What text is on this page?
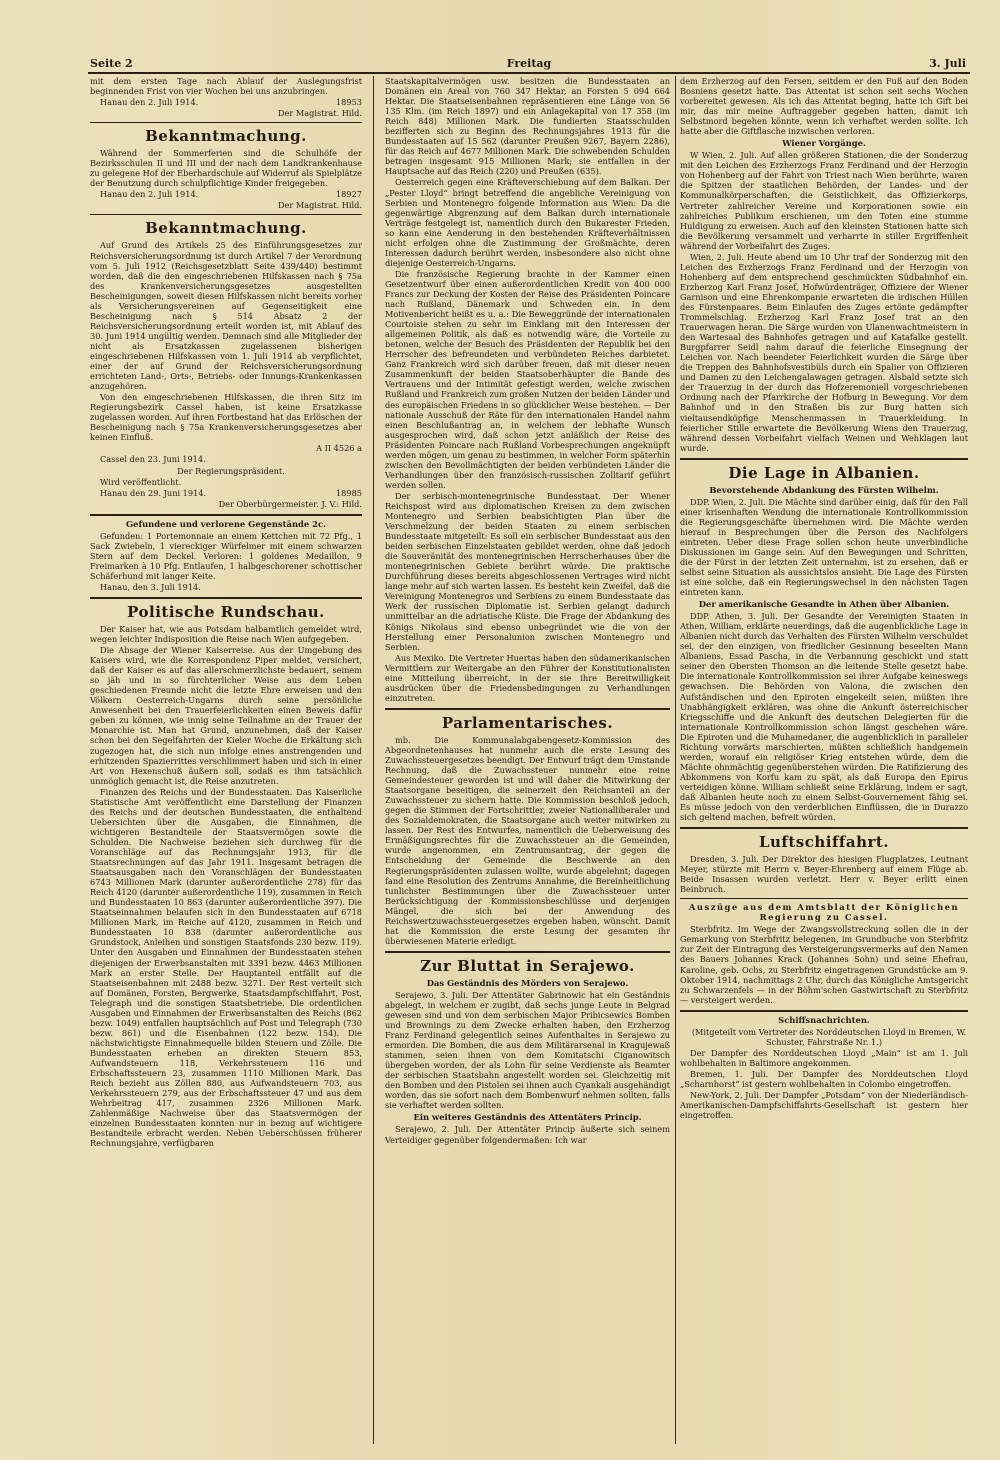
Seite 2	Freitag	3. Juli

mit dem ersten Tage nach Ablauf der Auslegungsfrist beginnenden Frist von vier Wochen bei uns anzubringen.

Hanau den 2. Juli 1914.	18953

Der Magistrat. Hild.

Bekanntmachung.

Während der Sommerferien sind die Schulhöfe der Bezirksschulen II und III und der nach dem Landkrankenhause zu gelegene Hof der Eberhardschule auf Widerruf als Spielplätze der Benutzung durch schulpflichtige Kinder freigegeben.

Hanau den 2. Juli 1914.	18927

Der Magistrat. Hild.

Bekanntmachung.

Auf Grund des Artikels 25 des Einführungsgesetzes zur Reichsversicherungsordnung ist durch Artikel 7 der Verordnung vom 5. Juli 1912 (Reichsgesetzblatt Seite 439/440) bestimmt worden, daß die den eingeschriebenen Hilfskassen nach § 75a des Krankenversicherungsgesetzes ausgestellten Bescheinigungen, soweit diesen Hilfskassen nicht bereits vorher als Versicherungsvereinen auf Gegenseitigkeit eine Bescheinigung nach § 514 Absatz 2 der Reichsversicherungsordnung erteilt worden ist, mit Ablauf des 30. Juni 1914 ungültig werden. Demnach sind alle Mitglieder der nicht als Ersatzkassen zugelassenen bisherigen eingeschriebenen Hilfskassen vom 1. Juli 1914 ab verpflichtet, einer der auf Grund der Reichsversicherungsordnung errichteten Land-, Orts-, Betriebs- oder Innungs-Krankenkassen anzugehören.

Von den eingeschriebenen Hilfskassen, die ihren Sitz im Regierungsbezirk Cassel haben, ist keine Ersatzkasse zugelassen worden. Auf ihren Fortbestand hat das Erlöschen der Bescheinigung nach § 75a Krankenversicherungsgesetzes aber keinen Einfluß.

A II 4526 a

Cassel den 23. Juni 1914.

Der Regierungspräsident.

Wird veröffentlicht.

Hanau den 29. Juni 1914.	18985

Der Oberbürgermeister. J. V.: Hild.

Gefundene und verlorene Gegenstände 2c.

Gefunden: 1 Portemonnaie an einem Kettchen mit 72 Pfg., 1 Sack Zwiebeln, 1 viereckiger Würfelmer mit einem schwarzen Stern auf dem Deckel. Verloren: 1 goldenes Medaillon, 9 Freimarken à 10 Pfg. Entlaufen, 1 halbgeschorener schottischer Schäferhund mit langer Keite.

Hanau, den 3. Juli 1914.

Politische Rundschau.

Der Kaiser hat, wie aus Potsdam halbamtlich gemeldet wird, wegen leichter Indisposition die Reise nach Wien aufgegeben.

Die Absage der Wiener Kaiserreise. Aus der Umgebung des Kaisers wird, wie die Korrespondenz Piper meldet, versichert, daß der Kaiser es auf das allerschmerzlichste bedauert, seinem so jäh und in so fürchterlicher Weise aus dem Leben geschiedenen Freunde nicht die letzte Ehre erweisen und den Völkern Oesterreich-Ungarns durch seine persönliche Anwesenheit bei den Trauerfeierlichkeiten einen Beweis dafür geben zu können, wie innig seine Teilnahme an der Trauer der Monarchie ist. Man hat Grund, anzunehmen, daß der Kaiser schon bei den Segelfahrten der Kieler Woche die Erkältung sich zugezogen hat, die sich nun infolge eines anstrengenden und erhitzenden Spazierrittes verschlimmert haben und sich in einer Art von Hexenschuß äußern soll, sodaß es ihm tatsächlich unmöglich gemacht ist, die Reise anzutreten.

Finanzen des Reichs und der Bundesstaaten. Das Kaiserliche Statistische Amt veröffentlicht eine Darstellung der Finanzen des Reichs und der deutschen Bundesstaaten, die enthaltend Uebersichten über die Ausgaben, die Einnahmen, die wichtigeren Bestandteile der Staatsvermögen sowie die Schulden. Die Nachweise beziehen sich durchweg für die Voranschläge auf das Rechnungsjahr 1913, für die Staatsrechnungen auf das Jahr 1911. Insgesamt betragen die Staatsausgaben nach den Voranschlägen der Bundesstaaten 6743 Millionen Mark (darunter außerordentliche 278) für das Reich 4120 (darunter außerordentliche 119), zusammen in Reich und Bundesstaaten 10 863 (darunter außerordentliche 397). Die Staatseinnahmen belaufen sich in den Bundesstaaten auf 6718 Millionen Mark, im Reiche auf 4120, zusammen in Reich und Bundesstaaten 10 838 (darunter außerordentliche aus Grundstock, Anleihen und sonstigen Staatsfonds 230 bezw. 119). Unter den Ausgaben und Einnahmen der Bundesstaaten stehen diejenigen der Erwerbsanstalten mit 3391 bezw. 4463 Millionen Mark an erster Stelle. Der Hauptanteil entfällt auf die Staatseisenbahnen mit 2488 bezw. 3271. Der Rest verteilt sich auf Domänen, Forsten, Bergwerke, Staatsdampfschiffahrt, Post, Telegraph und die sonstigen Staatsbetriebe. Die ordentlichen Ausgaben und Einnahmen der Erwerbsanstalten des Reichs (862 bezw. 1049) entfallen hauptsächlich auf Post und Telegraph (730 bezw. 861) und die Eisenbahnen (122 bezw. 154). Die nächstwichtigste Einnahmequelle bilden Steuern und Zölle. Die Bundesstaaten erheben an direkten Steuern 853, Aufwandsteuern 118, Verkehrssteuern 116 und Erbschaftssteuern 23, zusammen 1110 Millionen Mark. Das Reich bezieht aus Zöllen 880, aus Aufwandsteuern 703, aus Verkehrssteuern 279, aus der Erbschaftssteuer 47 und aus dem Wehrbeitrag 417, zusammen 2326 Millionen Mark. Zahlenmäßige Nachweise über das Staatsvermögen der einzelnen Bundesstaaten konnten nur in bezug auf wichtigere Bestandteile erbracht werden. Neben Ueberschüssen früherer Rechnungsjahre, verfügbaren

Staatskapitalvermögen usw. besitzen die Bundesstaaten an Domänen ein Areal von 760 347 Hektar, an Forsten 5 094 664 Hektar. Die Staatseisenbahnen repräsentieren eine Länge von 56 135 Klm. (im Reich 1897) und ein Anlagekapital von 17 358 (im Reich 848) Millionen Mark. Die fundierten Staatsschulden bezifferten sich zu Beginn des Rechnungsjahres 1913 für die Bundesstaaten auf 15 562 (darunter Preußen 9267, Bayern 2286), für das Reich auf 4677 Millionen Mark. Die schwebenden Schulden betragen insgesamt 915 Millionen Mark; sie entfallen in der Hauptsache auf das Reich (220) und Preußen (635).

Oesterreich gegen eine Kräfteverschiebung auf dem Balkan. Der „Pester Lloyd“ bringt betreffend die angebliche Vereinigung von Serbien und Montenegro folgende Information aus Wien: Da die gegenwärtige Abgrenzung auf dem Balkan durch internationale Verträge festgelegt ist, namentlich durch den Bukarester Frieden, so kann eine Aenderung in den bestehenden Kräfteverhältnissen nicht erfolgen ohne die Zustimmung der Großmächte, deren Interessen dadurch berührt werden, insbesondere also nicht ohne diejenige Oesterreich-Ungarns.

Die französische Regierung brachte in der Kammer einen Gesetzentwurf über einen außerordentlichen Kredit von 400 000 Francs zur Deckung der Kosten der Reise des Präsidenten Poincare nach Rußland, Dänemark und Schweden ein. In dem Motivenbericht heißt es u. a.: Die Beweggründe der internationalen Courtoisie stehen zu sehr im Einklang mit den Interessen der allgemeinen Politik, als daß es notwendig wäre, die Vorteile zu betonen, welche der Besuch des Präsidenten der Republik bei den Herrscher des befreundeten und verbündeten Reiches darbietet. Ganz Frankreich wird sich darüber freuen, daß mit dieser neuen Zusammenkunft der beiden Staatsoberhäupter die Bande des Vertrauens und der Intimität gefestigt werden, welche zwischen Rußland und Frankreich zum großen Nutzen der beiden Länder und des europäischen Friedens in so glücklicher Weise bestehen. — Der nationale Ausschuß der Räte für den internationalen Handel nahm einen Beschlußantrag an, in welchem der lebhafte Wunsch ausgesprochen wird, daß schon jetzt anläßlich der Reise des Präsidenten Poincare nach Rußland Vorbesprechungen angeknüpft werden mögen, um genau zu bestimmen, in welcher Form späterhin zwischen den Bevollmächtigten der beiden verbündeten Länder die Verhandlungen über den französisch-russischen Zolltarif geführt werden sollen.

Der serbisch-montenegrinische Bundesstaat. Der Wiener Reichspost wird aus diplomatischen Kreisen zu dem zwischen Montenegro und Serbien beabsichtigten Plan über die Verschmelzung der beiden Staaten zu einem serbischen Bundesstaate mitgeteilt: Es soll ein serbischer Bundesstaat aus den beiden serbischen Einzelstaaten gebildet werden, ohne daß jedoch die Souveränität des montenegrinischen Herrscherhauses über die montenegrinischen Gebiete berührt würde. Die praktische Durchführung dieses bereits abgeschlossenen Vertrages wird nicht lange mehr auf sich warten lassen. Es besteht kein Zweifel, daß die Vereinigung Montenegros und Serbiens zu einem Bundesstaate das Werk der russischen Diplomatie ist. Serbien gelangt dadurch unmittelbar an die adriatische Küste. Die Frage der Abdankung des Königs Nikolaus sind ebenso unbegründet wie die von der Herstellung einer Personalunion zwischen Montenegro und Serbien.

Aus Mexiko. Die Vertreter Huertas haben den südamerikanischen Vermittlern zur Weitergabe an den Führer der Konstitutionalisten eine Mitteilung überreicht, in der sie ihre Bereitwilligkeit ausdrücken über die Friedensbedingungen zu Verhandlungen einzutreten.

Parlamentarisches.

mb. Die Kommunalabgabengesetz-Kommission des Abgeordnetenhauses hat nunmehr auch die erste Lesung des Zuwachssteuergesetzes beendigt. Der Entwurf trägt dem Umstande Rechnung, daß die Zuwachssteuer nunmehr eine reine Gemeindesteuer geworden ist und will daher die Mitwirkung der Staatsorgane beseitigen, die seinerzeit den Reichsanteil an der Zuwachssteuer zu sichern hatte. Die Kommission beschloß jedoch, gegen die Stimmen der Fortschrittler, zweier Nationalliberaler und des Sozialdemokraten, die Staatsorgane auch weiter mitwirken zu lassen. Der Rest des Entwurfes, namentlich die Ueberweisung des Ermäßigungsrechtes für die Zuwachssteuer an die Gemeinden, wurde angenommen, ein Zentrumsantrag, der gegen die Entscheidung der Gemeinde die Beschwerde an den Regierungspräsidenten zulassen wollte, wurde abgelehnt; dagegen fand eine Resolution des Zentrums Annahme, die Bereinheitlichung tunlichster Bestimmungen über die Zuwachssteuer unter Berücksichtigung der Kommissionsbeschlüsse und derjenigen Mängel, die sich bei der Anwendung des Reichswertzuwachssteuergesetzes ergeben haben, wünscht. Damit hat die Kommission die erste Lesung der gesamten ihr überwiesenen Materie erledigt.

Zur Bluttat in Serajewo.
Das Geständnis des Mörders von Serajewo.

Serajewo, 3. Juli. Der Attentäter Gabrinowic hat ein Geständnis abgelegt, in welchem er zugibt, daß sechs junge Leute in Belgrad gewesen sind und von dem serbischen Major Pribicsewics Bomben und Brownings zu dem Zwecke erhalten haben, den Erzherzog Franz Ferdinand gelegentlich seines Aufenthaltes in Serajewo zu ermorden. Die Bomben, die aus dem Militärarsenal in Kragujewaß stammen, seien ihnen von dem Komitatschi Ciganowitsch übergeben worden, der als Lohn für seine Verdienste als Beamter der serbischen Staatsbahn angestellt worden sei. Gleichzeitig mit den Bomben und den Pistolen sei ihnen auch Cyankali ausgehändigt worden, das sie sofort nach dem Bombenwurf nehmen sollten, falls sie verhaftet werden sollten.

Ein weiteres Geständnis des Attentäters Princip.

Serajewo, 2. Juli. Der Attentäter Princip äußerte sich seinem Verteidiger gegenüber folgendermaßen: Ich war

dem Erzherzog auf den Fersen, seitdem er den Fuß auf den Boden Bosniens gesetzt hatte. Das Attentat ist schon seit sechs Wochen vorbereitet gewesen. Als ich das Attentat beging, hatte ich Gift bei mir, das mir meine Auftraggeber gegeben hatten, damit ich Selbstmord begehen könnte, wenn ich verhaftet werden sollte. Ich hatte aber die Giftflasche inzwischen verloren.

Wiener Vorgänge.

W Wien, 2. Juli. Auf allen größeren Stationen, die der Sonderzug mit den Leichen des Erzherzogs Franz Ferdinand und der Herzogin von Hohenberg auf der Fahrt von Triest nach Wien berührte, waren die Spitzen der staatlichen Behörden, der Landes- und der Kommunalkörperschaften, die Geistlichkeit, das Offizierkorps, Vertreter zahlreicher Vereine und Korporationen sowie ein zahlreiches Publikum erschienen, um den Toten eine stumme Huldigung zu erweisen. Auch auf den kleinsten Stationen hatte sich die Bevölkerung versammelt und verharrte in stiller Ergriffenheit während der Vorbeifahrt des Zuges.

Wien, 2. Juli. Heute abend um 10 Uhr traf der Sonderzug mit den Leichen des Erzherzogs Franz Ferdinand und der Herzogin von Hohenberg auf dem entsprechend geschmückten Südbahnhof ein. Erzherzog Karl Franz Josef, Hofwürdenträger, Offiziere der Wiener Garnison und eine Ehrenkompanie erwarteten die irdischen Hüllen des Fürstenpaares. Beim Einlaufen des Zuges ertönte gedämpfter Trommelschlag. Erzherzog Karl Franz Josef trat an den Trauerwagen heran. Die Särge wurden von Ulanenwachtmeistern in den Wartesaal des Bahnhofes getragen und auf Katafalke gestellt. Burgpfarrer Seidl nahm darauf die feierliche Einsegnung der Leichen vor. Nach beendeter Feierlichkeit wurden die Särge über die Treppen des Bahnhofsvestibüls durch ein Spalier von Offizieren und Damen zu den Leichengalawagen getragen. Alsbald setzte sich der Trauerzug in der durch das Hofzeremoniell vorgeschriebenen Ordnung nach der Pfarrkirche der Hofburg in Bewegung. Vor dem Bahnhof und in den Straßen bis zur Burg hatten sich vieltausendköpfige Menschenmassen in Trauerkleidung. In feierlicher Stille erwartete die Bevölkerung Wiens den Trauerzug, während dessen Vorbeifahrt vielfach Weinen und Wehklagen laut wurde.

Die Lage in Albanien.
Bevorstehende Abdankung des Fürsten Wilhelm.

DDP. Wien, 2. Juli. Die Mächte sind darüber einig, daß für den Fall einer krisenhaften Wendung die internationale Kontrollkommission die Regierungsgeschäfte übernehmen wird. Die Mächte werden hierauf in Besprechungen über die Person des Nachfolgers eintreten. Ueber diese Frage sollen schon heute unverbindliche Diskussionen im Gange sein. Auf den Bewegungen und Schritten, die der Fürst in der letzten Zeit unternahm, ist zu ersehen, daß er selbst seine Situation als aussichtslos ansieht. Die Lage des Fürsten ist eine solche, daß ein Regierungswechsel in den nächsten Tagen eintreten kann.

Der amerikanische Gesandte in Athen über Albanien.

DDP. Athen, 3. Juli. Der Gesandte der Vereinigten Staaten in Athen, William, erklärte neuerdings, daß die augenblickliche Lage in Albanien nicht durch das Verhalten des Fürsten Wilhelm verschuldet sei, der den einzigen, von friedlicher Gesinnung beseelten Mann Albaniens, Essad Pascha, in die Verbannung geschickt und statt seiner den Obersten Thomson an die leitende Stelle gesetzt habe. Die internationale Kontrollkommission sei ihrer Aufgabe keineswegs gewachsen. Die Behörden von Valona, die zwischen den Aufständischen und den Epiroten eingekeilt seien, müßten ihre Unabhängigkeit erklären, was ohne die Ankunft österreichischer Kriegsschiffe und die Ankunft des deutschen Delegierten für die internationale Kontrollkommission schon längst geschehen wäre. Die Epiroten und die Muhamedaner, die augenblicklich in paralleler Richtung vorwärts marschierten, müßten schließlich handgemein werden, worauf ein religiöser Krieg entstehen würde, dem die Mächte ohnmächtig gegenüberstehen würden. Die Ratifizierung des Abkommens von Korfu kam zu spät, als daß Europa den Epirus verteidigen könne. William schließt seine Erklärung, indem er sagt, daß Albanien heute noch zu einem Selbst-Gouvernement fähig sei. Es müsse jedoch von den verderblichen Einflüssen, die in Durazzo sich geltend machen, befreit würden.

Luftschiffahrt.

Dresden, 3. Juli. Der Direktor des hiesigen Flugplatzes, Leutnant Meyer, stürzte mit Herrn v. Beyer-Ehrenberg auf einem Flüge ab. Beide Insassen wurden verletzt. Herr v. Beyer erlitt einen Beinbruch.

Auszüge aus dem Amtsblatt der Königlichen Regierung zu Cassel.

Sterbfritz. Im Wege der Zwangsvollstreckung sollen die in der Gemarkung von Sterbfritz belegenen, im Grundbuche von Sterbfritz zur Zeit der Eintragung des Versteigerungsvermerks auf den Namen des Bauers Johannes Krack (Johannes Sohn) und seine Ehefrau, Karoline, geb. Ochs, zu Sterbfritz eingetragenen Grundstücke am 9. Oktober 1914, nachmittags 2 Uhr, durch das Königliche Amtsgericht zu Schwarzenfels — in der Böhm'schen Gastwirtschaft zu Sterbfritz — versteigert werden.

Schiffsnachrichten.

(Mitgeteilt vom Vertreter des Norddeutschen Lloyd in Bremen, W. Schuster, Fahrstraße Nr. 1.)

Der Dampfer des Norddeutschen Lloyd „Main“ ist am 1. Juli wohlbehalten in Baltimore angekommen.

Bremen, 1. Juli. Der Dampfer des Norddeutschen Lloyd „Scharnhorst“ ist gestern wohlbehalten in Colombo eingetroffen.

New-York, 2. Juli. Der Dampfer „Potsdam“ von der Niederländisch-Amerikanischen-Dampfschiffahrts-Gesellschaft ist gestern hier eingetroffen.
